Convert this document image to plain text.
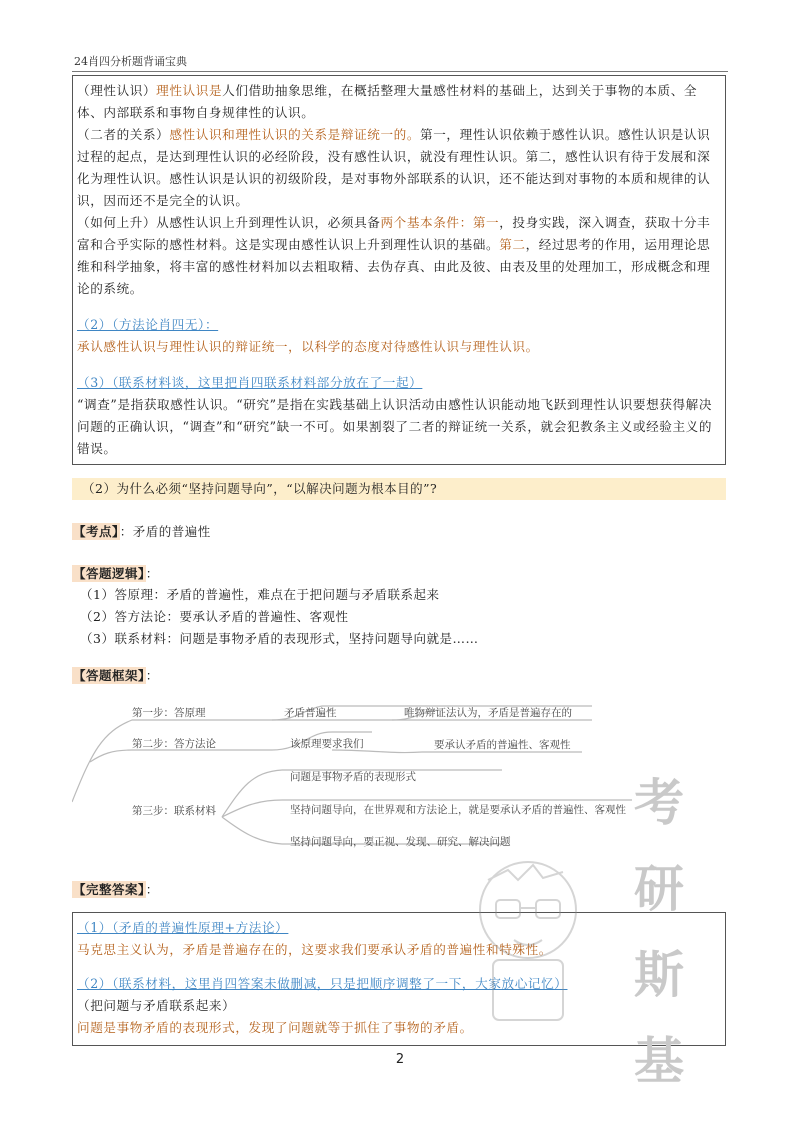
24肖四分析题背诵宝典

（理性认识）理性认识是人们借助抽象思维，在概括整理大量感性材料的基础上，达到关于事物的本质、全体、内部联系和事物自身规律性的认识。

（二者的关系）感性认识和理性认识的关系是辩证统一的。第一，理性认识依赖于感性认识。感性认识是认识过程的起点，是达到理性认识的必经阶段，没有感性认识，就没有理性认识。第二，感性认识有待于发展和深化为理性认识。感性认识是认识的初级阶段，是对事物外部联系的认识，还不能达到对事物的本质和规律的认识，因而还不是完全的认识。

（如何上升）从感性认识上升到理性认识，必须具备两个基本条件：第一，投身实践，深入调查，获取十分丰富和合乎实际的感性材料。这是实现由感性认识上升到理性认识的基础。第二，经过思考的作用，运用理论思维和科学抽象，将丰富的感性材料加以去粗取精、去伪存真、由此及彼、由表及里的处理加工，形成概念和理论的系统。

（2）（方法论肖四无）：

承认感性认识与理性认识的辩证统一，以科学的态度对待感性认识与理性认识。

（3）（联系材料谈，这里把肖四联系材料部分放在了一起）

“调查”是指获取感性认识。“研究”是指在实践基础上认识活动由感性认识能动地飞跃到理性认识要想获得解决问题的正确认识，“调查”和“研究”缺一不可。如果割裂了二者的辩证统一关系，就会犯教条主义或经验主义的错误。

（2）为什么必须“坚持问题导向”，“以解决问题为根本目的”?
【考点】：矛盾的普遍性
【答题逻辑】：

（1）答原理：矛盾的普遍性，难点在于把问题与矛盾联系起来

（2）答方法论：要承认矛盾的普遍性、客观性

（3）联系材料：问题是事物矛盾的表现形式，坚持问题导向就是……

【答题框架】：
第一步：答原理	矛盾普遍性	唯物辩证法认为，矛盾是普遍存在的
第二步：答方法论	该原理要求我们	要承认矛盾的普遍性、客观性
第三步：联系材料
问题是事物矛盾的表现形式
坚持问题导向，在世界观和方法论上，就是要承认矛盾的普遍性、客观性
坚持问题导向，要正视、发现、研究、解决问题
【完整答案】：

（1）（矛盾的普遍性原理+方法论）

马克思主义认为，矛盾是普遍存在的，这要求我们要承认矛盾的普遍性和特殊性。

（2）（联系材料，这里肖四答案未做删减，只是把顺序调整了一下，大家放心记忆）

（把问题与矛盾联系起来）

问题是事物矛盾的表现形式，发现了问题就等于抓住了事物的矛盾。

考
研
斯
基
2
